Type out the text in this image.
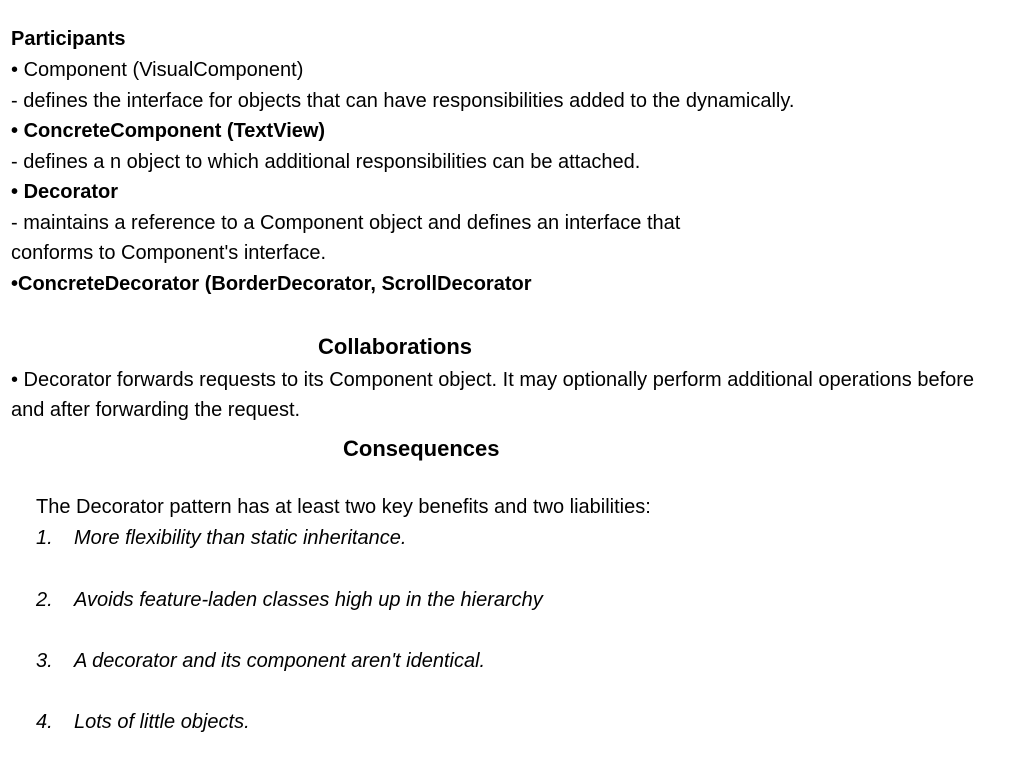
Participants
• Component (VisualComponent)
- defines the interface for objects that can have responsibilities added to the dynamically.
• ConcreteComponent (TextView)
- defines a n object to which additional responsibilities can be attached.
• Decorator
- maintains a reference to a Component object and defines an interface that
conforms to Component's interface.
•ConcreteDecorator (BorderDecorator, ScrollDecorator
Collaborations
• Decorator forwards requests to its Component object. It may optionally perform additional operations before and after forwarding the request.
Consequences
The Decorator pattern has at least two key benefits and two liabilities:
1. More flexibility than static inheritance.
2. Avoids feature-laden classes high up in the hierarchy
3. A decorator and its component aren't identical.
4. Lots of little objects.
